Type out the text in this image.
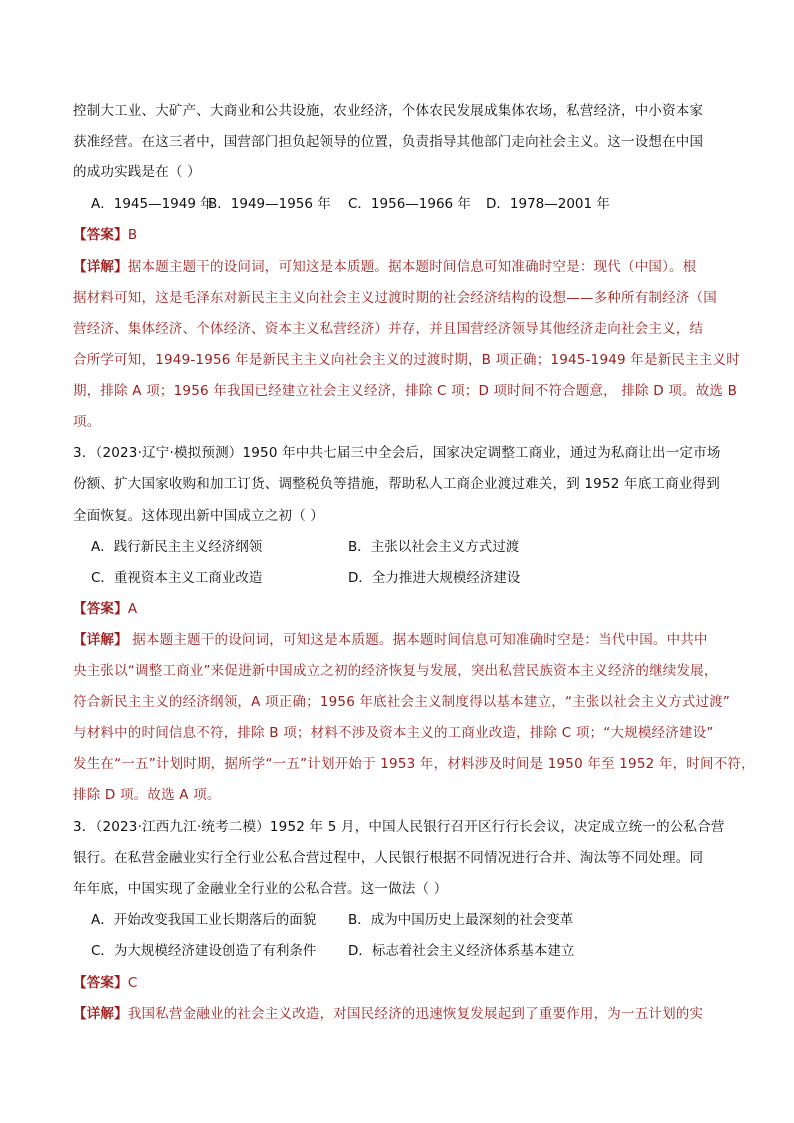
控制大工业、大矿产、大商业和公共设施，农业经济，个体农民发展成集体农场，私营经济，中小资本家
获准经营。在这三者中，国营部门担负起领导的位置，负责指导其他部门走向社会主义。这一设想在中国
的成功实践是在（ ）
A．1945—1949 年
B．1949—1956 年 C．1956—1966 年 D．1978—2001 年
【答案】B
【详解】据本题主题干的设问词，可知这是本质题。据本题时间信息可知准确时空是：现代（中国）。根
据材料可知，这是毛泽东对新民主主义向社会主义过渡时期的社会经济结构的设想——多种所有制经济（国
营经济、集体经济、个体经济、资本主义私营经济）并存，并且国营经济领导其他经济走向社会主义，结
合所学可知，1949-1956 年是新民主主义向社会主义的过渡时期，B 项正确；1945-1949 年是新民主主义时
期，排除 A 项；1956 年我国已经建立社会主义经济，排除 C 项；D 项时间不符合题意， 排除 D 项。故选 B
项。
3．（2023·辽宁·模拟预测）1950 年中共七届三中全会后，国家决定调整工商业，通过为私商让出一定市场
份额、扩大国家收购和加工订货、调整税负等措施，帮助私人工商企业渡过难关，到 1952 年底工商业得到
全面恢复。这体现出新中国成立之初（ ）
A．践行新民主主义经济纲领	B．主张以社会主义方式过渡
C．重视资本主义工商业改造	D．全力推进大规模经济建设
【答案】A
【详解】 据本题主题干的设问词，可知这是本质题。据本题时间信息可知准确时空是：当代中国。中共中
央主张以“调整工商业”来促进新中国成立之初的经济恢复与发展，突出私营民族资本主义经济的继续发展，
符合新民主主义的经济纲领，A 项正确；1956 年底社会主义制度得以基本建立，“主张以社会主义方式过渡”
与材料中的时间信息不符，排除 B 项；材料不涉及资本主义的工商业改造，排除 C 项；“大规模经济建设”
发生在“一五”计划时期，据所学“一五”计划开始于 1953 年，材料涉及时间是 1950 年至 1952 年，时间不符，
排除 D 项。故选 A 项。
3．（2023·江西九江·统考二模）1952 年 5 月，中国人民银行召开区行行长会议，决定成立统一的公私合营
银行。在私营金融业实行全行业公私合营过程中，人民银行根据不同情况进行合并、淘汰等不同处理。同
年年底，中国实现了金融业全行业的公私合营。这一做法（ ）
A．开始改变我国工业长期落后的面貌 B．成为中国历史上最深刻的社会变革
C．为大规模经济建设创造了有利条件 D．标志着社会主义经济体系基本建立
【答案】C
【详解】我国私营金融业的社会主义改造，对国民经济的迅速恢复发展起到了重要作用，为一五计划的实
